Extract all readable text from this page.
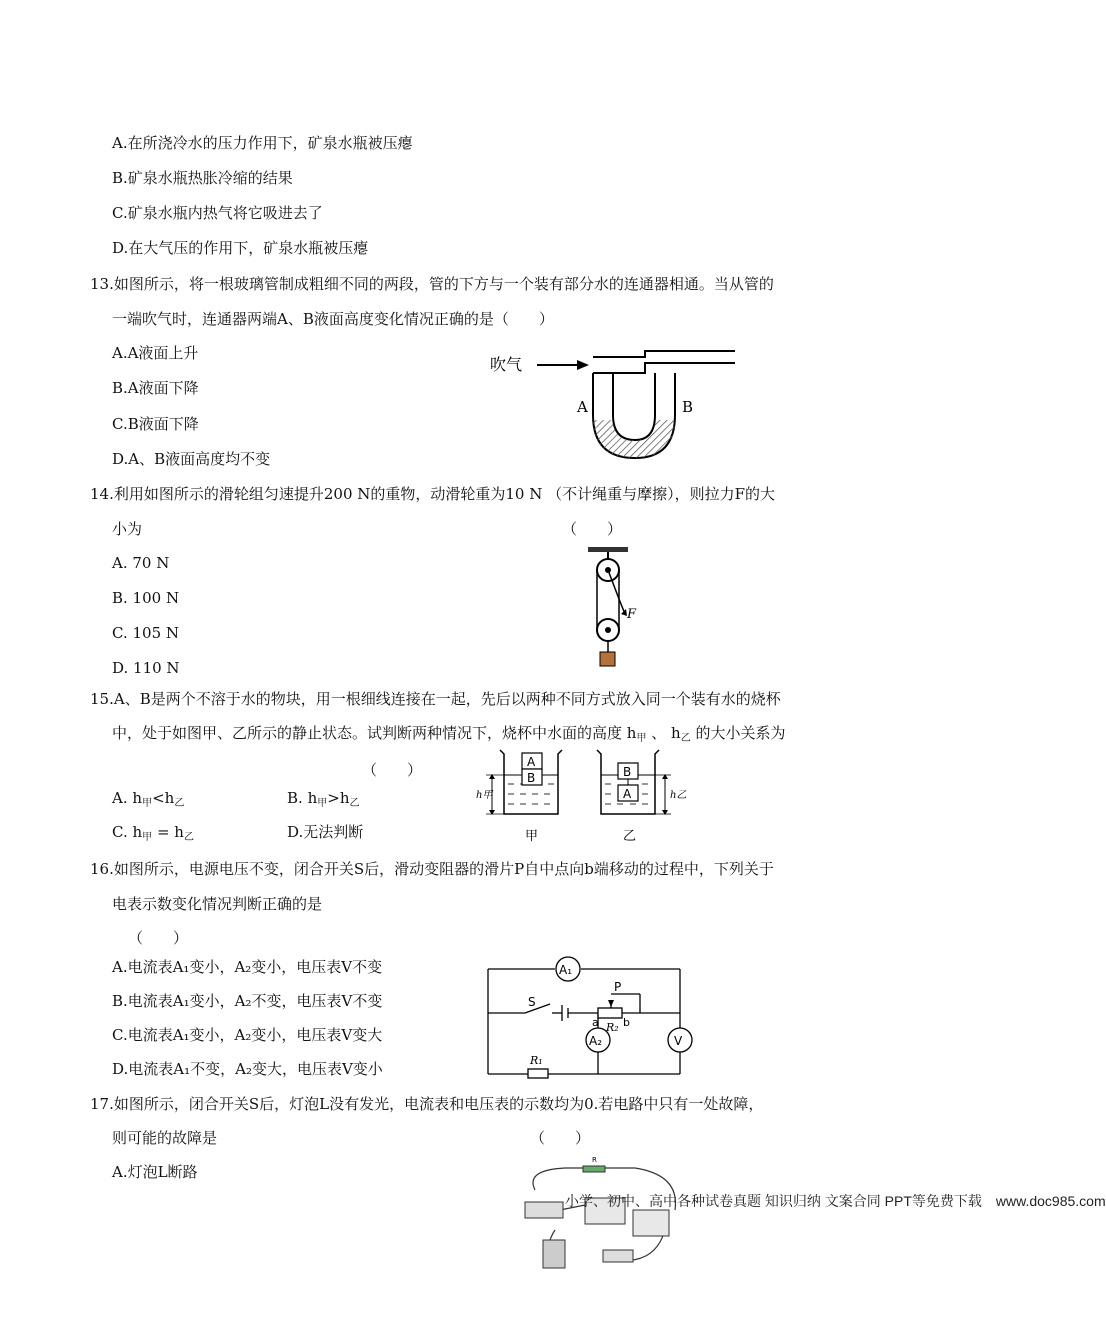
A.在所浇冷水的压力作用下，矿泉水瓶被压瘪
B.矿泉水瓶热胀冷缩的结果
C.矿泉水瓶内热气将它吸进去了
D.在大气压的作用下，矿泉水瓶被压瘪
13.如图所示，将一根玻璃管制成粗细不同的两段，管的下方与一个装有部分水的连通器相通。当从管的
一端吹气时，连通器两端A、B液面高度变化情况正确的是（　　）
A.A液面上升
B.A液面下降
C.B液面下降
D.A、B液面高度均不变
吹气
A	B
14.利用如图所示的滑轮组匀速提升200 N的重物，动滑轮重为10 N （不计绳重与摩擦），则拉力F的大
小为	（　　）
A. 70 N
B. 100 N
C. 105 N
D. 110 N
F
15.A、B是两个不溶于水的物块，用一根细线连接在一起，先后以两种不同方式放入同一个装有水的烧杯
中，处于如图甲、乙所示的静止状态。试判断两种情况下，烧杯中水面的高度 $h_甲$ 、 $h_乙$ 的大小关系为
（　　）
A. $h_甲<h_乙$	B. $h_甲>h_乙$
C. $h_甲 = h_乙$	D.无法判断
A
B
h甲
甲
B
A	h乙
乙
16.如图所示，电源电压不变，闭合开关S后，滑动变阻器的滑片P自中点向b端移动的过程中，下列关于
电表示数变化情况判断正确的是
（　　）
A.电流表A₁变小，A₂变小，电压表V不变
B.电流表A₁变小，A₂不变，电压表V不变
C.电流表A₁变小，A₂变小，电压表V变大
D.电流表A₁不变，A₂变大，电压表V变小
A₁
A₂	V
S
P
a b
R₂
R₁
17.如图所示，闭合开关S后，灯泡L没有发光，电流表和电压表的示数均为0.若电路中只有一处故障，
则可能的故障是	（　　）
A.灯泡L断路
R
小学、初中、高中各种试卷真题 知识归纳 文案合同 PPT等免费下载　www.doc985.com
